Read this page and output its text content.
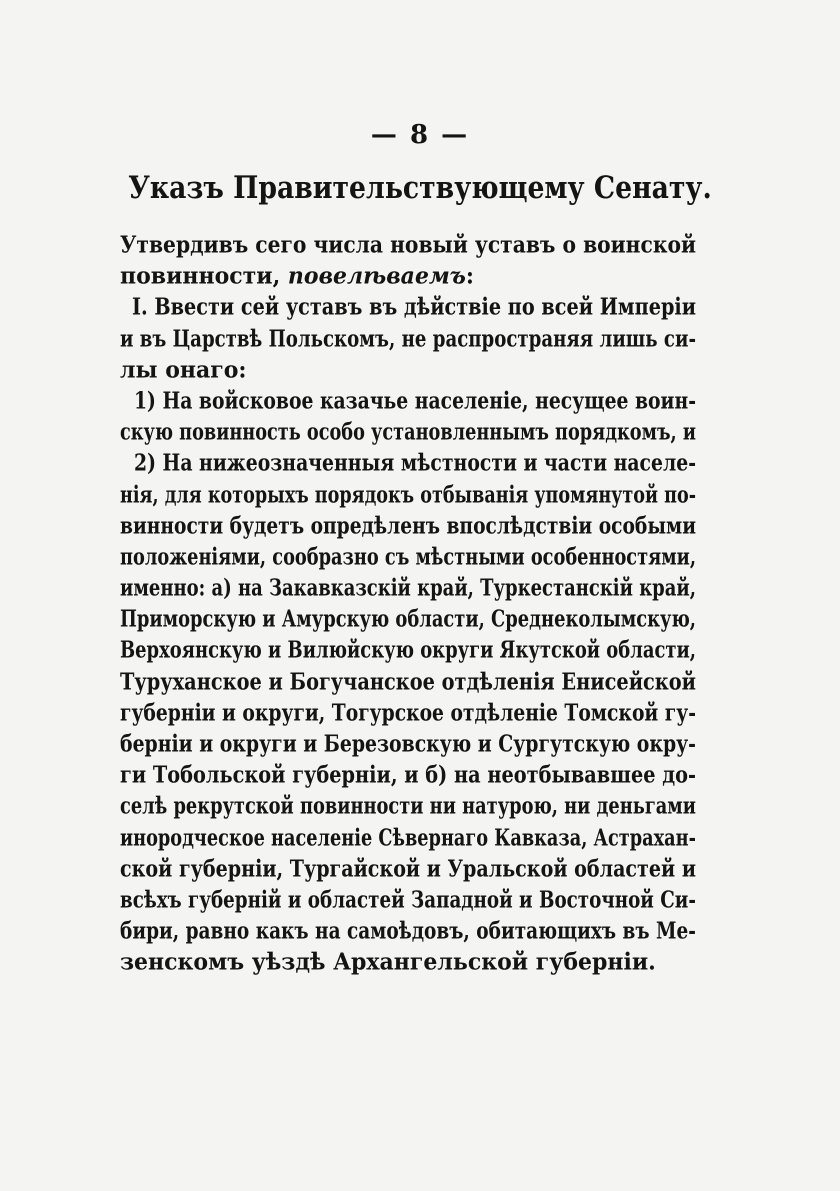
— 8 —
Указъ Правительствующему Сенату.
Утвердивъ сего числа новый уставъ о воинской
повинности, повелѣваемъ:
I. Ввести сей уставъ въ дѣйствіе по всей Имперіи
и въ Царствѣ Польскомъ, не распространяя лишь си-
лы онаго:
1) На войсковое казачье населеніе, несущее воин-
скую повинность особо установленнымъ порядкомъ, и
2) На нижеозначенныя мѣстности и части населе-
нія, для которыхъ порядокъ отбыванія упомянутой по-
винности будетъ опредѣленъ впослѣдствіи особыми
положеніями, сообразно съ мѣстными особенностями,
именно: а) на Закавказскій край, Туркестанскій край,
Приморскую и Амурскую области, Среднеколымскую,
Верхоянскую и Вилюйскую округи Якутской области,
Туруханское и Богучанское отдѣленія Енисейской
губерніи и округи, Тогурское отдѣленіе Томской гу-
берніи и округи и Березовскую и Сургутскую окру-
ги Тобольской губерніи, и б) на неотбывавшее до-
селѣ рекрутской повинности ни натурою, ни деньгами
инородческое населеніе Сѣвернаго Кавказа, Астрахан-
ской губерніи, Тургайской и Уральской областей и
всѣхъ губерній и областей Западной и Восточной Си-
бири, равно какъ на самоѣдовъ, обитающихъ въ Ме-
зенскомъ уѣздѣ Архангельской губерніи.
